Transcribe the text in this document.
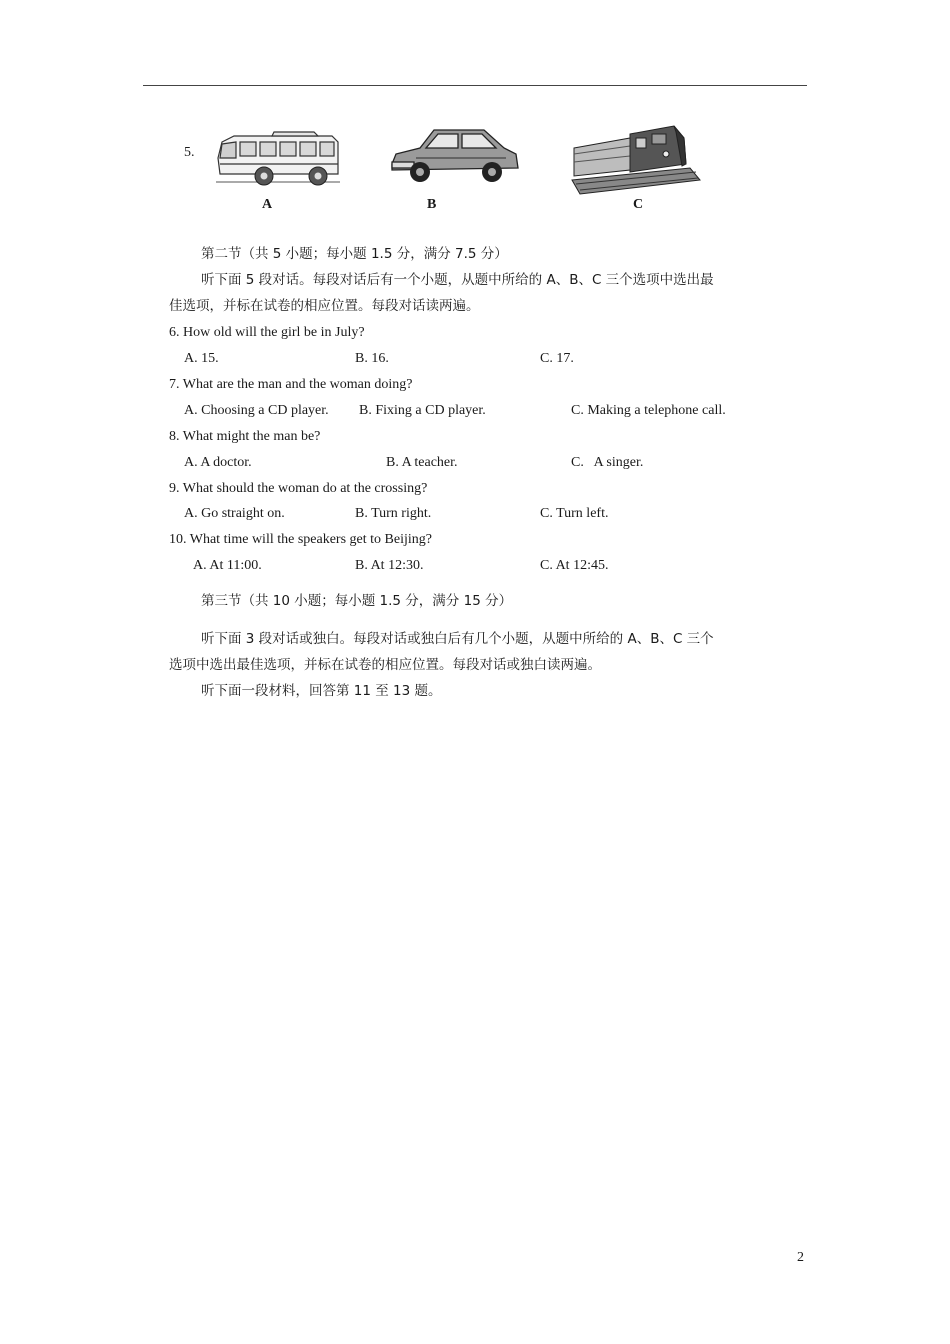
5.
A	B	C
第二节（共 5 小题；每小题 1.5 分，满分 7.5 分）
听下面 5 段对话。每段对话后有一个小题，从题中所给的 A、B、C 三个选项中选出最
佳选项，并标在试卷的相应位置。每段对话读两遍。
6. How old will the girl be in July?
A. 15.	B. 16.	C. 17.
7. What are the man and the woman doing?
A. Choosing a CD player. B. Fixing a CD player.	C. Making a telephone call.
8. What might the man be?
A. A doctor.	B. A teacher.	C.   A singer.
9. What should the woman do at the crossing?
A. Go straight on.	B. Turn right.	C. Turn left.
10. What time will the speakers get to Beijing?
A. At 11:00.	B. At 12:30.	C. At 12:45.
第三节（共 10 小题；每小题 1.5 分，满分 15 分）
听下面 3 段对话或独白。每段对话或独白后有几个小题，从题中所给的 A、B、C 三个
选项中选出最佳选项，并标在试卷的相应位置。每段对话或独白读两遍。
听下面一段材料，回答第 11 至 13 题。
2
